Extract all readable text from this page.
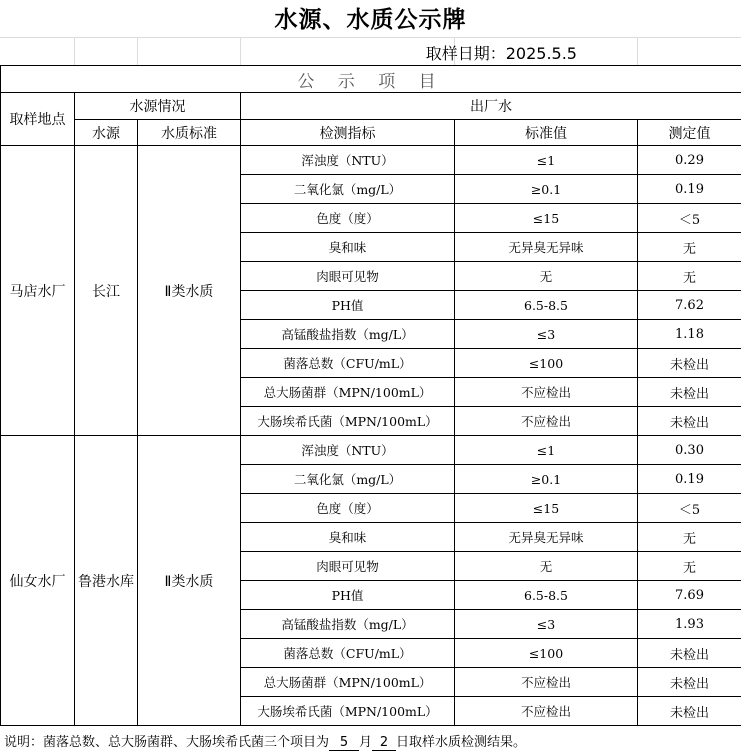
水源、水质公示牌
取样日期：2025.5.5
公 示 项 目					
取样地点	水源情况		出厂水		
	水源	水质标准	检测指标	标准值	测定值
马店水厂	长江	Ⅱ类水质	浑浊度（NTU）	≤1	0.29
			二氧化氯（mg/L）	≥0.1	0.19
			色度（度）	≤15	＜5
			臭和味	无异臭无异味	无
			肉眼可见物	无	无
			PH值	6.5-8.5	7.62
			高锰酸盐指数（mg/L）	≤3	1.18
			菌落总数（CFU/mL）	≤100	未检出
			总大肠菌群（MPN/100mL）	不应检出	未检出
			大肠埃希氏菌（MPN/100mL）	不应检出	未检出
仙女水厂	鲁港水库	Ⅱ类水质	浑浊度（NTU）	≤1	0.30
			二氧化氯（mg/L）	≥0.1	0.19
			色度（度）	≤15	＜5
			臭和味	无异臭无异味	无
			肉眼可见物	无	无
			PH值	6.5-8.5	7.69
			高锰酸盐指数（mg/L）	≤3	1.93
			菌落总数（CFU/mL）	≤100	未检出
			总大肠菌群（MPN/100mL）	不应检出	未检出
			大肠埃希氏菌（MPN/100mL）	不应检出	未检出
说明：菌落总数、总大肠菌群、大肠埃希氏菌三个项目为 5 月 2 日取样水质检测结果。
